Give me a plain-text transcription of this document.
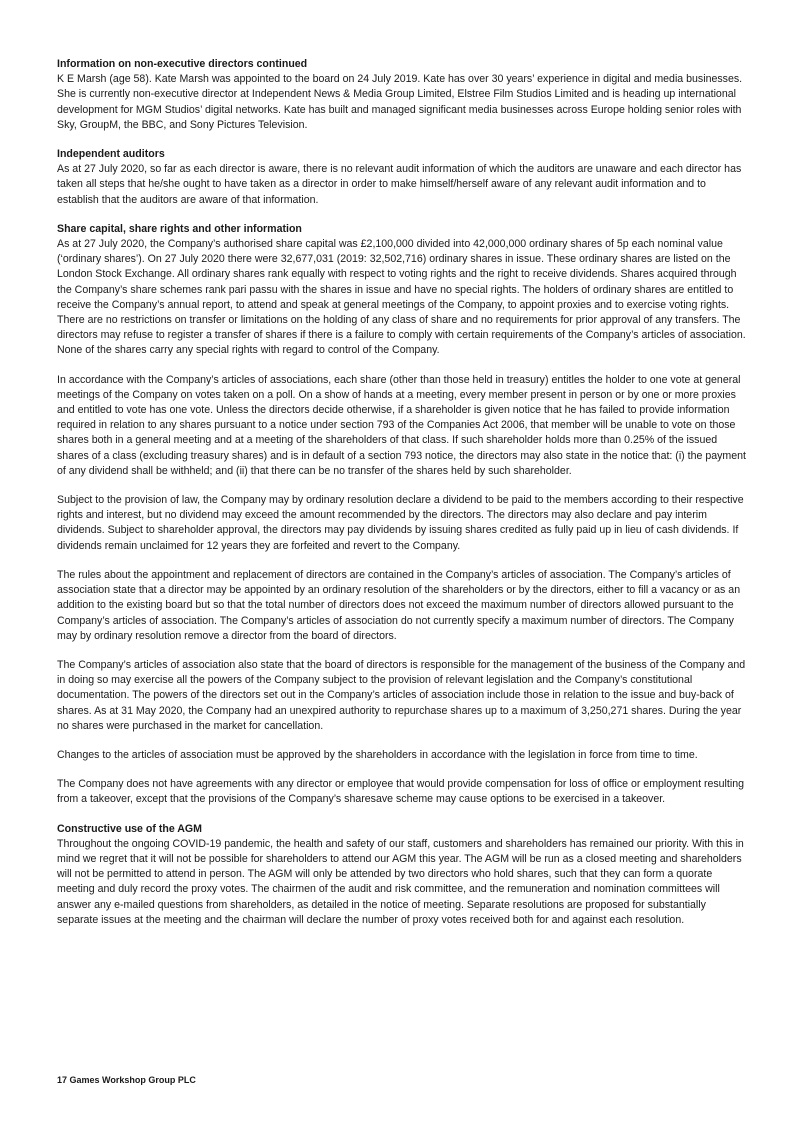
Information on non-executive directors continued

K E Marsh (age 58). Kate Marsh was appointed to the board on 24 July 2019. Kate has over 30 years’ experience in digital and media businesses. She is currently non-executive director at Independent News & Media Group Limited, Elstree Film Studios Limited and is heading up international development for MGM Studios’ digital networks. Kate has built and managed significant media businesses across Europe holding senior roles with Sky, GroupM, the BBC, and Sony Pictures Television.

Independent auditors

As at 27 July 2020, so far as each director is aware, there is no relevant audit information of which the auditors are unaware and each director has taken all steps that he/she ought to have taken as a director in order to make himself/herself aware of any relevant audit information and to establish that the auditors are aware of that information.

Share capital, share rights and other information

As at 27 July 2020, the Company’s authorised share capital was £2,100,000 divided into 42,000,000 ordinary shares of 5p each nominal value (‘ordinary shares’). On 27 July 2020 there were 32,677,031 (2019: 32,502,716) ordinary shares in issue. These ordinary shares are listed on the London Stock Exchange. All ordinary shares rank equally with respect to voting rights and the right to receive dividends. Shares acquired through the Company’s share schemes rank pari passu with the shares in issue and have no special rights. The holders of ordinary shares are entitled to receive the Company’s annual report, to attend and speak at general meetings of the Company, to appoint proxies and to exercise voting rights. There are no restrictions on transfer or limitations on the holding of any class of share and no requirements for prior approval of any transfers. The directors may refuse to register a transfer of shares if there is a failure to comply with certain requirements of the Company’s articles of association. None of the shares carry any special rights with regard to control of the Company.

In accordance with the Company’s articles of associations, each share (other than those held in treasury) entitles the holder to one vote at general meetings of the Company on votes taken on a poll. On a show of hands at a meeting, every member present in person or by one or more proxies and entitled to vote has one vote. Unless the directors decide otherwise, if a shareholder is given notice that he has failed to provide information required in relation to any shares pursuant to a notice under section 793 of the Companies Act 2006, that member will be unable to vote on those shares both in a general meeting and at a meeting of the shareholders of that class. If such shareholder holds more than 0.25% of the issued shares of a class (excluding treasury shares) and is in default of a section 793 notice, the directors may also state in the notice that: (i) the payment of any dividend shall be withheld; and (ii) that there can be no transfer of the shares held by such shareholder.

Subject to the provision of law, the Company may by ordinary resolution declare a dividend to be paid to the members according to their respective rights and interest, but no dividend may exceed the amount recommended by the directors. The directors may also declare and pay interim dividends. Subject to shareholder approval, the directors may pay dividends by issuing shares credited as fully paid up in lieu of cash dividends. If dividends remain unclaimed for 12 years they are forfeited and revert to the Company.

The rules about the appointment and replacement of directors are contained in the Company’s articles of association. The Company’s articles of association state that a director may be appointed by an ordinary resolution of the shareholders or by the directors, either to fill a vacancy or as an addition to the existing board but so that the total number of directors does not exceed the maximum number of directors allowed pursuant to the Company’s articles of association. The Company’s articles of association do not currently specify a maximum number of directors. The Company may by ordinary resolution remove a director from the board of directors.

The Company’s articles of association also state that the board of directors is responsible for the management of the business of the Company and in doing so may exercise all the powers of the Company subject to the provision of relevant legislation and the Company’s constitutional documentation. The powers of the directors set out in the Company’s articles of association include those in relation to the issue and buy-back of shares. As at 31 May 2020, the Company had an unexpired authority to repurchase shares up to a maximum of 3,250,271 shares. During the year no shares were purchased in the market for cancellation.

Changes to the articles of association must be approved by the shareholders in accordance with the legislation in force from time to time.

The Company does not have agreements with any director or employee that would provide compensation for loss of office or employment resulting from a takeover, except that the provisions of the Company’s sharesave scheme may cause options to be exercised in a takeover.

Constructive use of the AGM

Throughout the ongoing COVID-19 pandemic, the health and safety of our staff, customers and shareholders has remained our priority. With this in mind we regret that it will not be possible for shareholders to attend our AGM this year. The AGM will be run as a closed meeting and shareholders will not be permitted to attend in person. The AGM will only be attended by two directors who hold shares, such that they can form a quorate meeting and duly record the proxy votes. The chairmen of the audit and risk committee, and the remuneration and nomination committees will answer any e-mailed questions from shareholders, as detailed in the notice of meeting. Separate resolutions are proposed for substantially separate issues at the meeting and the chairman will declare the number of proxy votes received both for and against each resolution.

17 Games Workshop Group PLC
